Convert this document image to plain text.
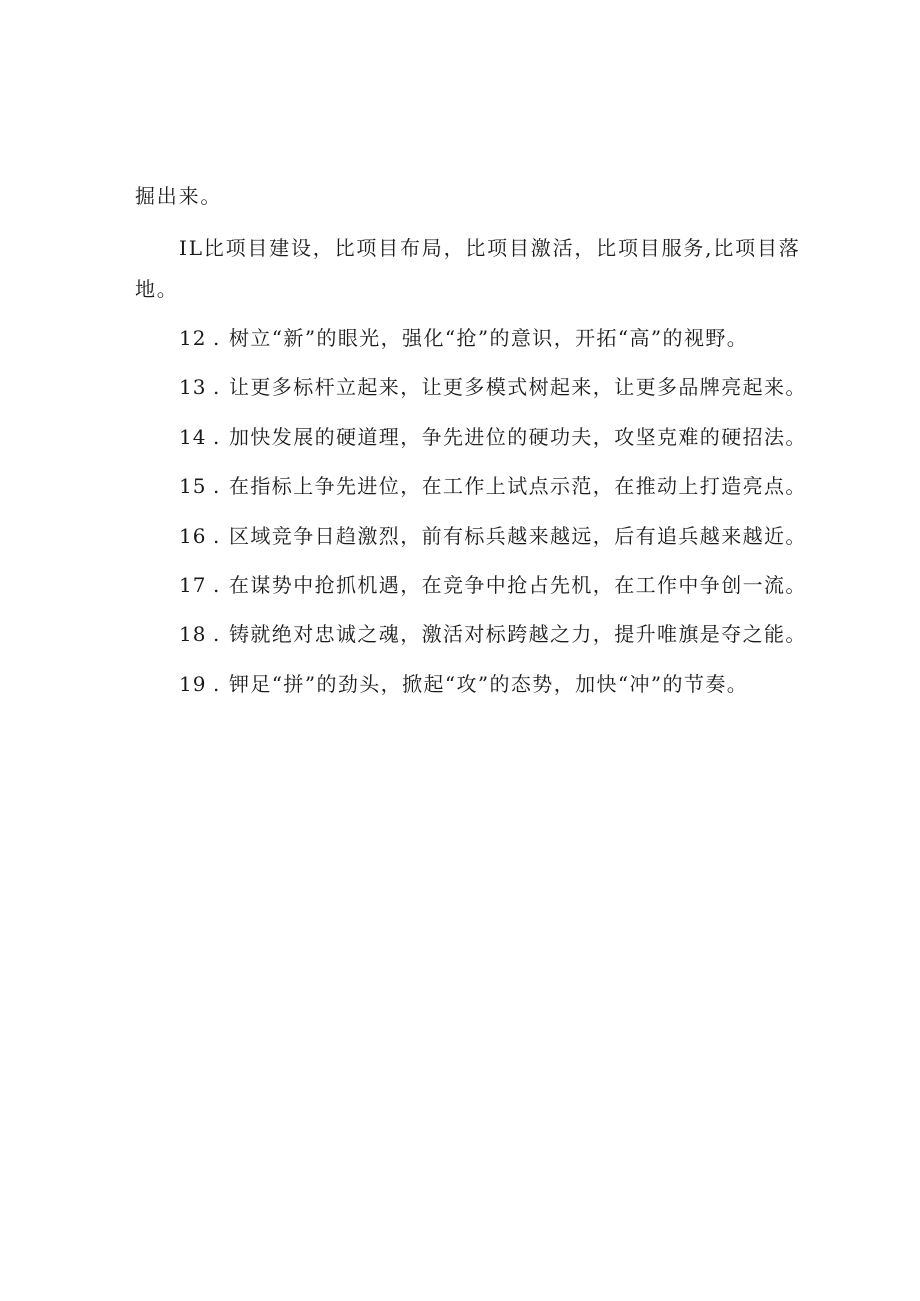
掘出来。

IL比项目建设，比项目布局，比项目激活，比项目服务,比项目落地。

12 . 树立“新”的眼光，强化“抢”的意识，开拓“高”的视野。
13 . 让更多标杆立起来，让更多模式树起来，让更多品牌亮起来。
14 . 加快发展的硬道理，争先进位的硬功夫，攻坚克难的硬招法。
15 . 在指标上争先进位，在工作上试点示范，在推动上打造亮点。
16 . 区域竞争日趋激烈，前有标兵越来越远，后有追兵越来越近。
17 . 在谋势中抢抓机遇，在竞争中抢占先机，在工作中争创一流。
18 . 铸就绝对忠诚之魂，激活对标跨越之力，提升唯旗是夺之能。
19 . 钾足“拼”的劲头，掀起“攻”的态势，加快“冲”的节奏。
